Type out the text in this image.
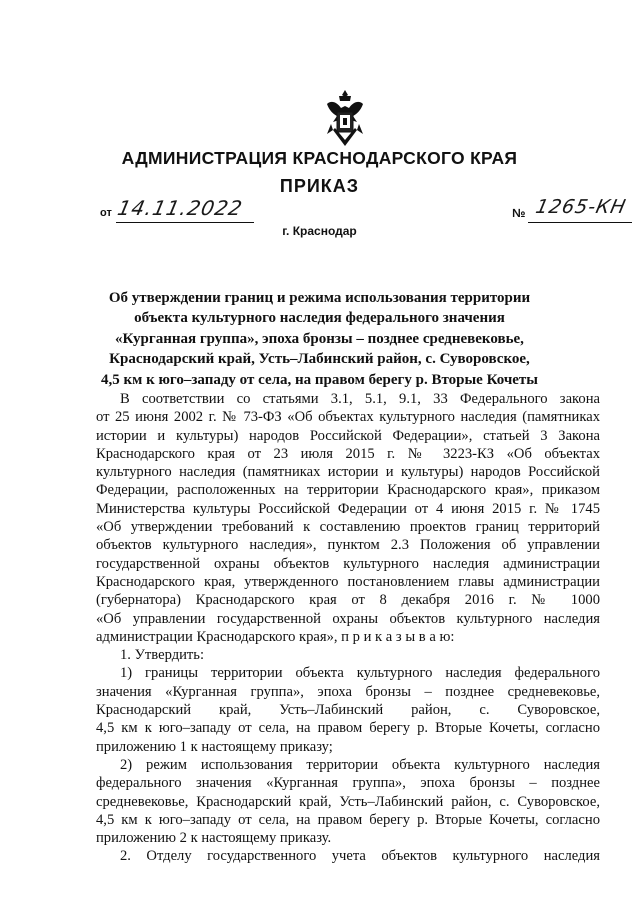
АДМИНИСТРАЦИЯ КРАСНОДАРСКОГО КРАЯ
ПРИКАЗ
от 14.11.2022
г. Краснодар
№ 1265-КН
Об утверждении границ и режима использования территории
объекта культурного наследия федерального значения
«Курганная группа», эпоха бронзы – позднее средневековье,
Краснодарский край, Усть–Лабинский район, с. Суворовское,
4,5 км к юго–западу от села, на правом берегу р. Вторые Кочеты
В соответствии со статьями 3.1, 5.1, 9.1, 33 Федерального закона
от 25 июня 2002 г. № 73-ФЗ «Об объектах культурного наследия (памятниках
истории и культуры) народов Российской Федерации», статьей 3 Закона
Краснодарского края от 23 июля 2015 г. № 3223-КЗ «Об объектах
культурного наследия (памятниках истории и культуры) народов Российской
Федерации, расположенных на территории Краснодарского края», приказом
Министерства культуры Российской Федерации от 4 июня 2015 г. № 1745
«Об утверждении требований к составлению проектов границ территорий
объектов культурного наследия», пунктом 2.3 Положения об управлении
государственной охраны объектов культурного наследия администрации
Краснодарского края, утвержденного постановлением главы администрации
(губернатора) Краснодарского края от 8 декабря 2016 г. № 1000
«Об управлении государственной охраны объектов культурного наследия
администрации Краснодарского края», п р и к а з ы в а ю:
1. Утвердить:
1) границы территории объекта культурного наследия федерального
значения «Курганная группа», эпоха бронзы – позднее средневековье,
Краснодарский край, Усть–Лабинский район, с. Суворовское,
4,5 км к юго–западу от села, на правом берегу р. Вторые Кочеты, согласно
приложению 1 к настоящему приказу;
2) режим использования территории объекта культурного наследия
федерального значения «Курганная группа», эпоха бронзы – позднее
средневековье, Краснодарский край, Усть–Лабинский район, с. Суворовское,
4,5 км к юго–западу от села, на правом берегу р. Вторые Кочеты, согласно
приложению 2 к настоящему приказу.
2. Отделу государственного учета объектов культурного наследия
